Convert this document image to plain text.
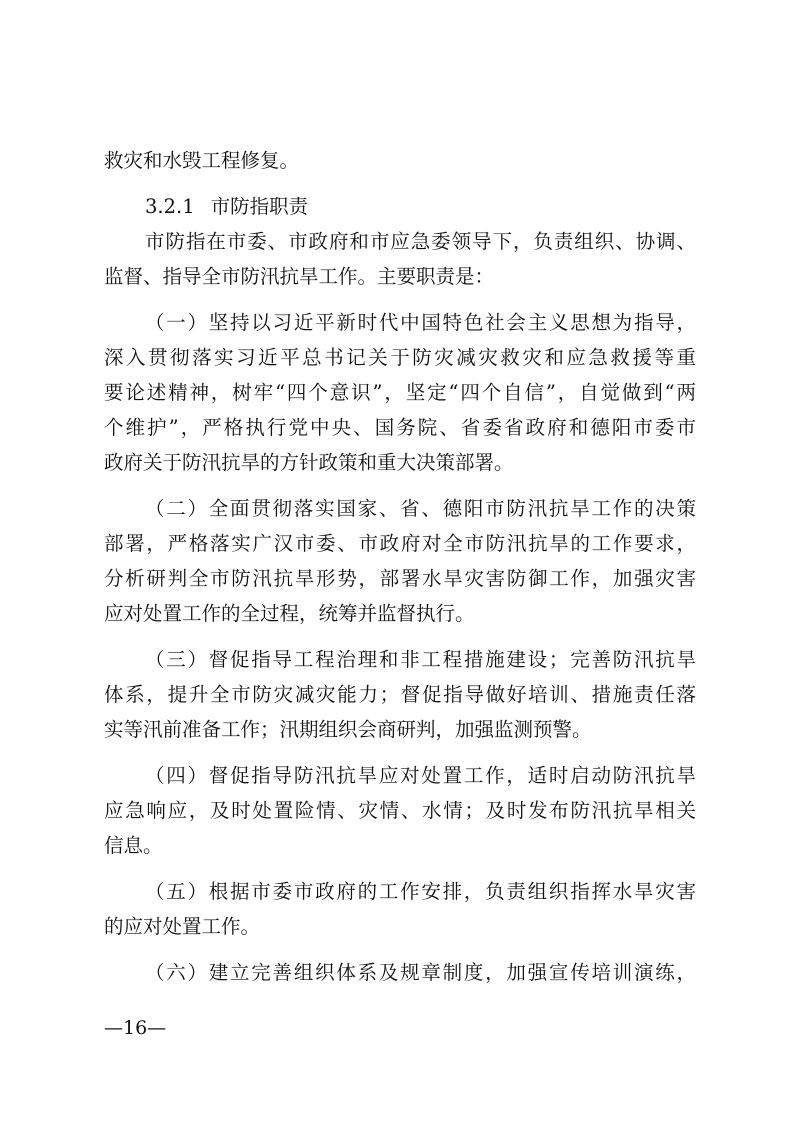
救灾和水毁工程修复。
3.2.1 市防指职责
市防指在市委、市政府和市应急委领导下，负责组织、协调、
监督、指导全市防汛抗旱工作。主要职责是：
（一）坚持以习近平新时代中国特色社会主义思想为指导，
深入贯彻落实习近平总书记关于防灾减灾救灾和应急救援等重
要论述精神，树牢“四个意识”，坚定“四个自信”，自觉做到“两
个维护”，严格执行党中央、国务院、省委省政府和德阳市委市
政府关于防汛抗旱的方针政策和重大决策部署。
（二）全面贯彻落实国家、省、德阳市防汛抗旱工作的决策
部署，严格落实广汉市委、市政府对全市防汛抗旱的工作要求，
分析研判全市防汛抗旱形势，部署水旱灾害防御工作，加强灾害
应对处置工作的全过程，统筹并监督执行。
（三）督促指导工程治理和非工程措施建设；完善防汛抗旱
体系，提升全市防灾减灾能力；督促指导做好培训、措施责任落
实等汛前准备工作；汛期组织会商研判，加强监测预警。
（四）督促指导防汛抗旱应对处置工作，适时启动防汛抗旱
应急响应，及时处置险情、灾情、水情；及时发布防汛抗旱相关
信息。
（五）根据市委市政府的工作安排，负责组织指挥水旱灾害
的应对处置工作。
（六）建立完善组织体系及规章制度，加强宣传培训演练，
—16—
